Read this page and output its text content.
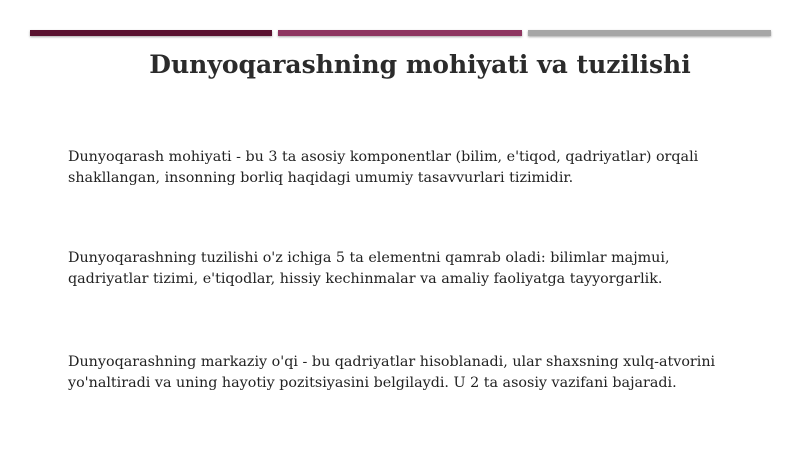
Dunyoqarashning mohiyati va tuzilishi
Dunyoqarash mohiyati - bu 3 ta asosiy komponentlar (bilim, e'tiqod, qadriyatlar) orqali
shakllangan, insonning borliq haqidagi umumiy tasavvurlari tizimidir.
Dunyoqarashning tuzilishi o'z ichiga 5 ta elementni qamrab oladi: bilimlar majmui,
qadriyatlar tizimi, e'tiqodlar, hissiy kechinmalar va amaliy faoliyatga tayyorgarlik.
Dunyoqarashning markaziy o'qi - bu qadriyatlar hisoblanadi, ular shaxsning xulq-atvorini
yo'naltiradi va uning hayotiy pozitsiyasini belgilaydi. U 2 ta asosiy vazifani bajaradi.
